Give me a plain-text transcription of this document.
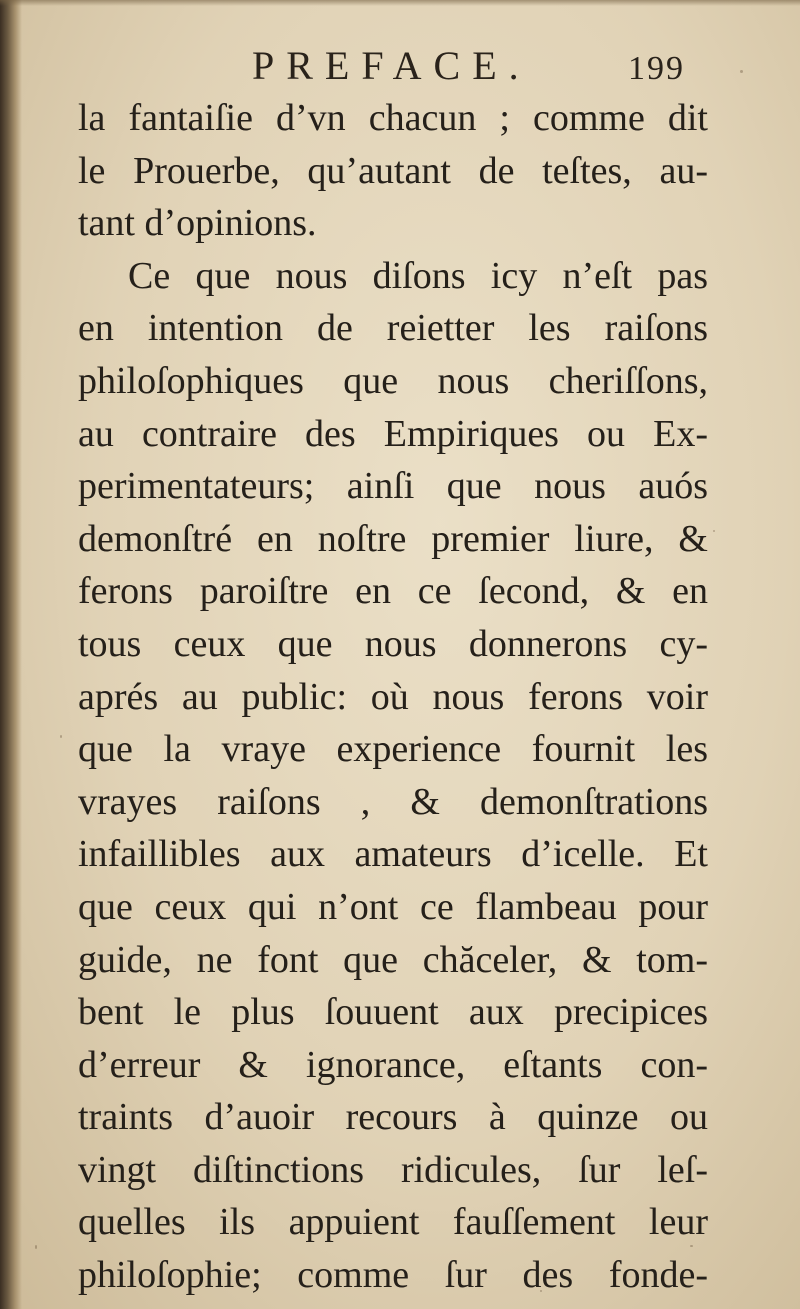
PREFACE.	199
la fantaiſie d’vn chacun ; comme dit
le Prouerbe, qu’autant de teſtes, au-
tant d’opinions.
Ce que nous diſons icy n’eſt pas
en intention de reietter les raiſons
philoſophiques que nous cheriſſons,
au contraire des Empiriques ou Ex-
perimentateurs; ainſi que nous auós
demonſtré en noſtre premier liure, &
ferons paroiſtre en ce ſecond, & en
tous ceux que nous donnerons cy-
aprés au public: où nous ferons voir
que la vraye experience fournit les
vrayes raiſons , & demonſtrations
infaillibles aux amateurs d’icelle. Et
que ceux qui n’ont ce flambeau pour
guide, ne font que chăceler, & tom-
bent le plus ſouuent aux precipices
d’erreur & ignorance, eſtants con-
traints d’auoir recours à quinze ou
vingt diſtinctions ridicules, ſur leſ-
quelles ils appuient fauſſement leur
philoſophie; comme ſur des fonde-
